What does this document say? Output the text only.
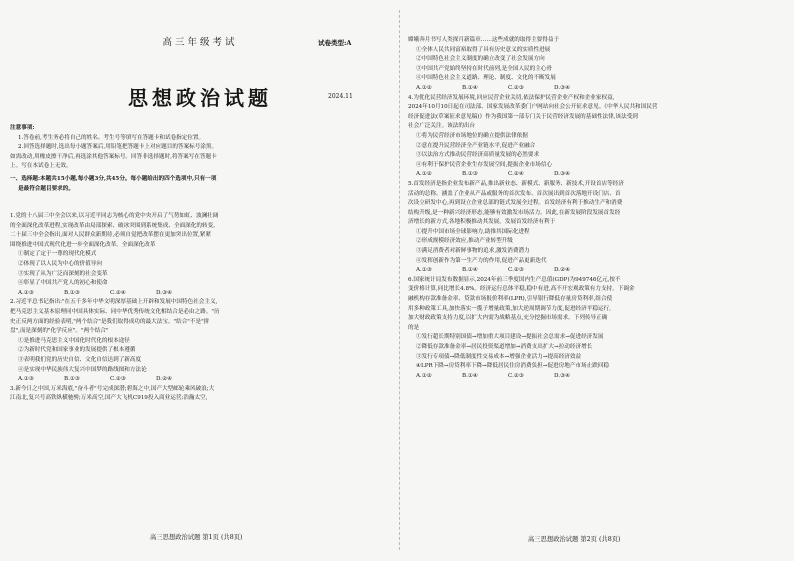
试卷类型:A
高三年级考试
思想政治试题	2024.11
注意事项:
1.答卷前,考生务必将自己的姓名、考生号等填写在答题卡和试卷指定位置。
2.回答选择题时,选出每小题答案后,用铅笔把答题卡上对应题目的答案标号涂黑。
如需改动,用橡皮擦干净后,再选涂其他答案标号。回答非选择题时,将答案写在答题卡
上。写在本试卷上无效。
一、选择题:本题共15小题,每小题3分,共45分。每小题给出的四个选项中,只有一项
是最符合题目要求的。
1.党的十八届三中全会以来,以习近平同志为核心的党中央开启了气势如虹、波澜壮阔
的全面深化改革进程,实现改革由局部探索、破冰突围到系统集成、全面深化的转变。
二十届三中全会指出,面对人民群众新期待,必须自觉把改革摆在更加突出位置,紧紧
围绕推进中国式现代化进一步全面深化改革。全面深化改革
①制定了定于一尊的现代化模式
②体现了以人民为中心的价值导向
③实现了从为广泛而深刻的社会变革
④彰显了中国共产党人的初心和使命
A.①③	B.①③	C.②④	D.③④
2.习近平总书记指出:"在五千多年中华文明深厚基础上开辟和发展中国特色社会主义,
把马克思主义基本原理同中国具体实际、同中华优秀传统文化相结合是必由之路。"历
史正反两方面的经验表明,"两个结合"是我们取得成功的最大法宝。"结合"不是"拼
盘",而是深刻的"化学反应"。"两个结合"
①是推进马克思主义中国化时代化的根本途径
②为新时代党和国家事业的发展提供了根本遵循
③表明我们党的历史自信、文化自信达到了新高度
④是实现中华民族伟大复兴中国梦的路线图和方法论
A.①③	B.①③	C.②③	D.②④
3.新今日之中国,万米海底,"奋斗者"号完成深潜;碧海之中,国产大型邮轮乘风破浪;大
江南北,复兴号高铁纵横驰骋;万米高空,国产大飞机C919投入商业运营;浩瀚太空,
高三思想政治试题 第1页 (共8页)
嫦娥奔月书写人类探月新篇章……这些成就的取得主要得益于
①全体人民共同富裕取得了具有历史意义的实质性进展
②中国特色社会主义制度的确立改变了社会发展方向
③中国共产党始终坚持在时代前列,是全国人民的主心骨
④中国特色社会主义道路、理论、制度、文化的不断发展
A.①②	B.①④	C.②③	D.③④
4.为优化民营经济发展环境,回应民营企业关切,依法保护民营企业产权和企业家权益,
2024年10月10日起在司法部、国家发展改革委门户网站向社会公开征求意见。《中华人民共和国民营
经济促进法(草案征求意见稿)》作为我国第一部专门关于民营经济发展的基础性法律,该法受到
社会广泛关注。该法的出台
①将为民营经济市场地位的确立提供法律依据
②意在提升民营经济全产业链水平,促进产业融合
③以法治方式推动民营经济高质量发展的必然要求
④有利于保护民营企业生存发展空间,提振企业市场信心
A.①②	B.①③	C.②④	D.③④
5.首发经济是指企业发布新产品,推出新业态、新模式、新服务、新技术,开设首店等经济
活动的总称。涵盖了企业从产品或服务的首次发布、首次展出到首次落地开设门店、首
次设立研发中心,再到设立企业总部的链式发展全过程。首发经济有利于推动生产和消费
结构升级,是一种新兴经济形态,能够有效激发市场活力。因此,在新发展阶段发展首发经
济增长的新方式,各地积极推动其发展。发展首发经济有利于
①提升中国市场全球影响力,助推其国际化进程
②形成规模经济效应,推动产业转型升级
③满足消费者对新鲜事物的追求,激发消费潜力
④发挥创新作为第一生产力的作用,促进产品更新迭代
A.①③	B.①④	C.②③	D.②④
6.国家统计局发布数据显示,2024年前三季度国内生产总值(GDP)为949746亿元,按不
变价格计算,同比增长4.8%。经济运行总体平稳,稳中有进,高不开宏观政策有力支持。下调金
融机构存款准备金率、贷款市场报价利率(LPR),引导银行降低存量房贷利率,组合使
用多种政策工具,加快落实一揽子增量政策,加大逆周期调节力度,促进经济平稳运行,
加大财政政策支持力度,以扩大内需为战略基点,充分挖掘市场需求。下列传导正确
的是
①发行超长期特别国债→增加重大项目建设→提振社会总需求→促进经济发展
②降低存款准备金率→居民投资渠道增加→消费支出扩大→拉动经济增长
③发行专项债→降低制度性交易成本→增强企业活力→提高经济效益
④LPR下降→房贷利率下降→降低居民住房消费负担→促进房地产市场止跌回稳
A.①②	B.①④	C.②③	D.③④
高三思想政治试题 第2页 (共8页)
